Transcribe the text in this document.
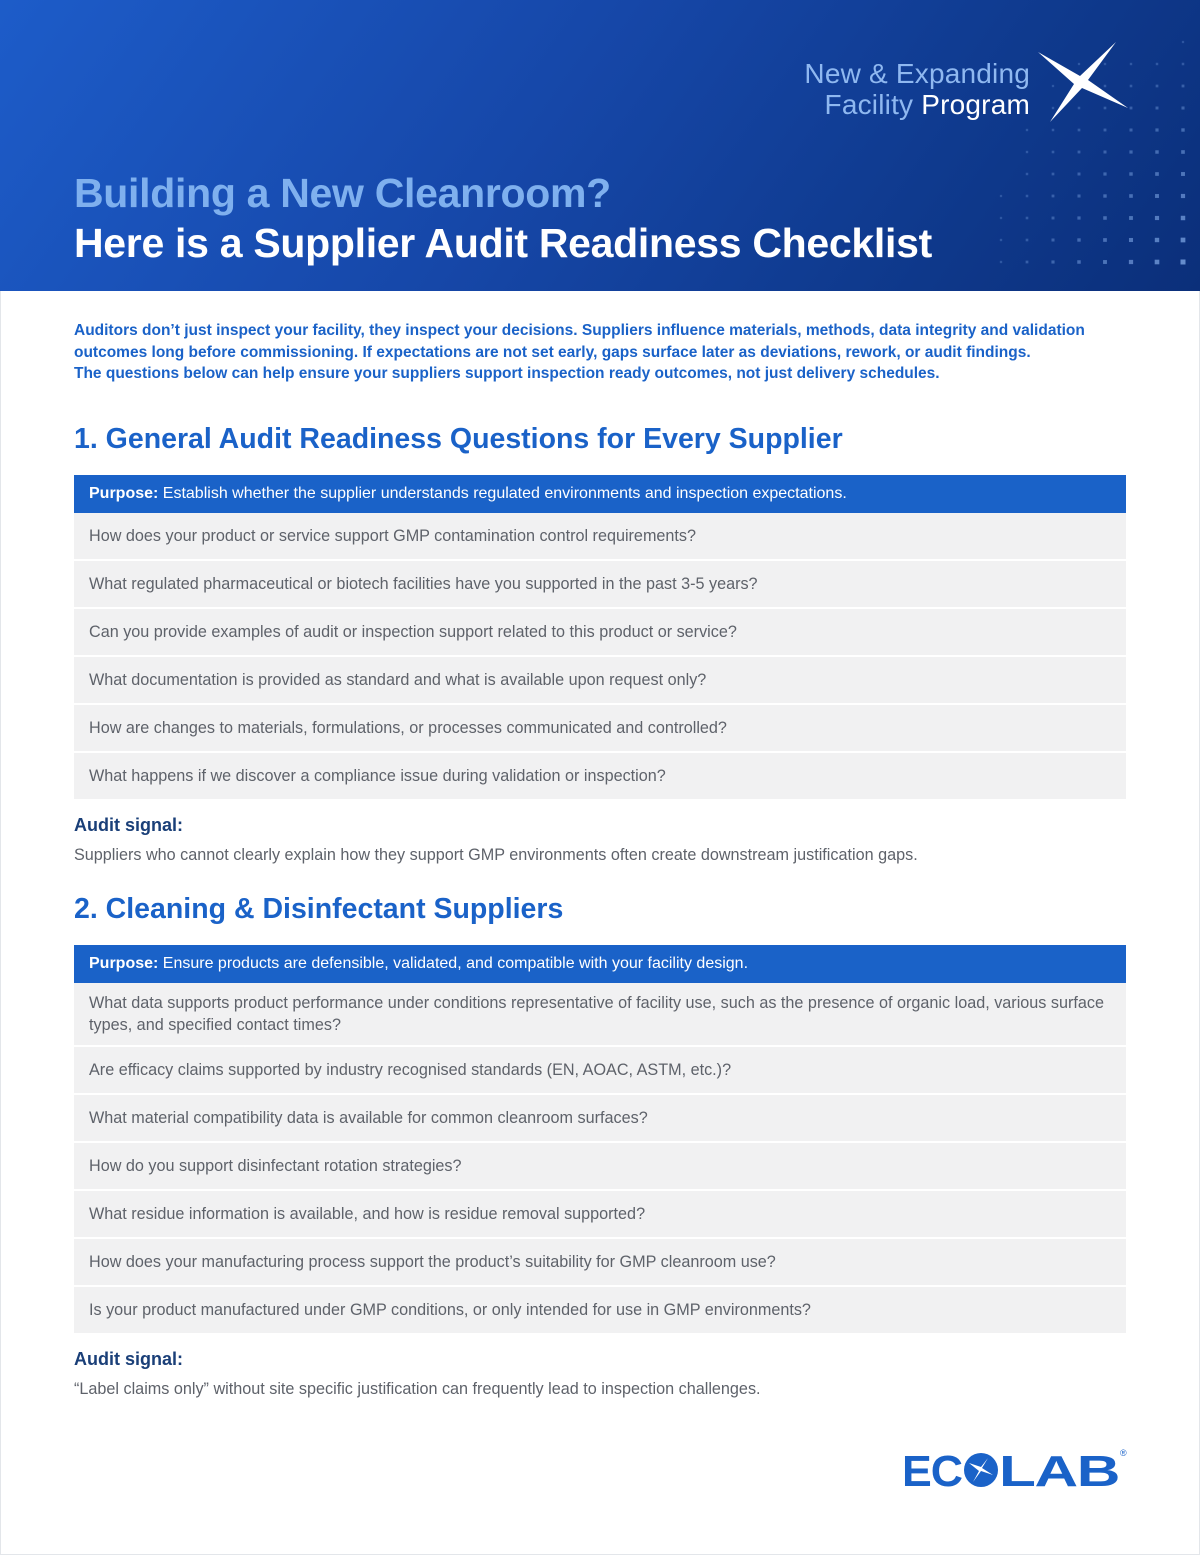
New & Expanding
Facility Program
Building a New Cleanroom?
Here is a Supplier Audit Readiness Checklist
Auditors don’t just inspect your facility, they inspect your decisions. Suppliers influence materials, methods, data integrity and validation
outcomes long before commissioning. If expectations are not set early, gaps surface later as deviations, rework, or audit findings.
The questions below can help ensure your suppliers support inspection ready outcomes, not just delivery schedules.
1. General Audit Readiness Questions for Every Supplier
Purpose: Establish whether the supplier understands regulated environments and inspection expectations.
How does your product or service support GMP contamination control requirements?
What regulated pharmaceutical or biotech facilities have you supported in the past 3-5 years?
Can you provide examples of audit or inspection support related to this product or service?
What documentation is provided as standard and what is available upon request only?
How are changes to materials, formulations, or processes communicated and controlled?
What happens if we discover a compliance issue during validation or inspection?
Audit signal:
Suppliers who cannot clearly explain how they support GMP environments often create downstream justification gaps.
2. Cleaning & Disinfectant Suppliers
Purpose: Ensure products are defensible, validated, and compatible with your facility design.
What data supports product performance under conditions representative of facility use, such as the presence of organic load, various surface types, and specified contact times?
Are efficacy claims supported by industry recognised standards (EN, AOAC, ASTM, etc.)?
What material compatibility data is available for common cleanroom surfaces?
How do you support disinfectant rotation strategies?
What residue information is available, and how is residue removal supported?
How does your manufacturing process support the product’s suitability for GMP cleanroom use?
Is your product manufactured under GMP conditions, or only intended for use in GMP environments?
Audit signal:
“Label claims only” without site specific justification can frequently lead to inspection challenges.
EC LAB ®
